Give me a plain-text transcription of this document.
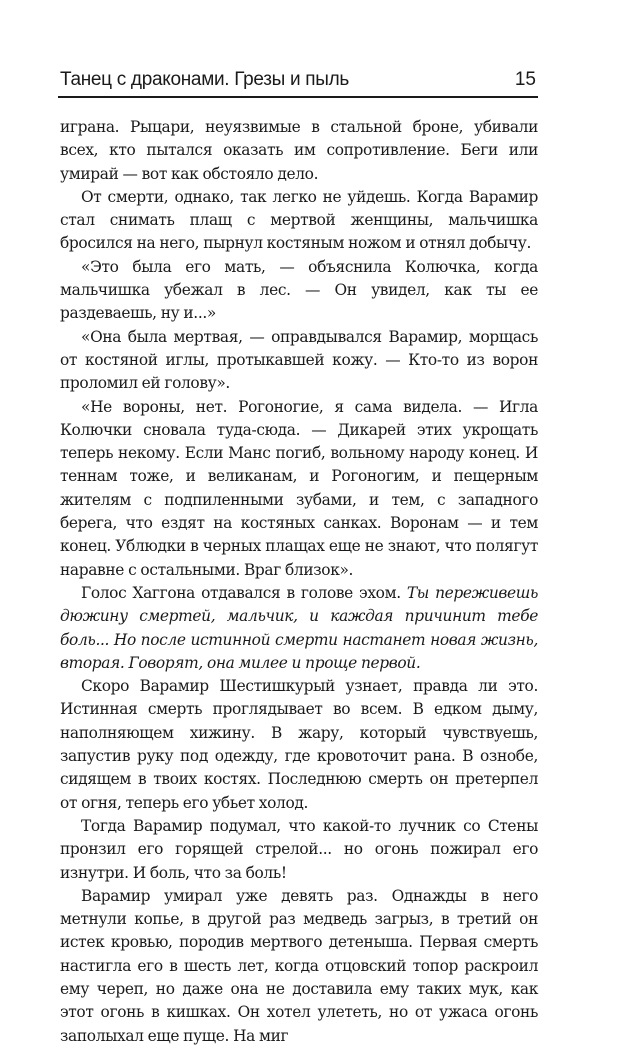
Танец с драконами. Грезы и пыль	15

играна. Рыцари, неуязвимые в стальной броне, убивали всех, кто пытался оказать им сопротивление. Беги или умирай — вот как обстояло дело.

От смерти, однако, так легко не уйдешь. Когда Варамир стал снимать плащ с мертвой женщины, мальчишка бросился на него, пырнул костяным ножом и отнял добычу.

«Это была его мать, — объяснила Колючка, когда мальчишка убежал в лес. — Он увидел, как ты ее раздеваешь, ну и...»

«Она была мертвая, — оправдывался Варамир, морщась от костяной иглы, протыкавшей кожу. — Кто-то из ворон проломил ей голову».

«Не вороны, нет. Рогоногие, я сама видела. — Игла Колючки сновала туда-сюда. — Дикарей этих укрощать теперь некому. Если Манс погиб, вольному народу конец. И теннам тоже, и великанам, и Рогоногим, и пещерным жителям с подпиленными зубами, и тем, с западного берега, что ездят на костяных санках. Воронам — и тем конец. Ублюдки в черных плащах еще не знают, что полягут наравне с остальными. Враг близок».

Голос Хаггона отдавался в голове эхом. Ты переживешь дюжину смертей, мальчик, и каждая причинит тебе боль... Но после истинной смерти настанет новая жизнь, вторая. Говорят, она милее и проще первой.

Скоро Варамир Шестишкурый узнает, правда ли это. Истинная смерть проглядывает во всем. В едком дыму, наполняющем хижину. В жару, который чувствуешь, запустив руку под одежду, где кровоточит рана. В ознобе, сидящем в твоих костях. Последнюю смерть он претерпел от огня, теперь его убьет холод.

Тогда Варамир подумал, что какой-то лучник со Стены пронзил его горящей стрелой... но огонь пожирал его изнутри. И боль, что за боль!

Варамир умирал уже девять раз. Однажды в него метнули копье, в другой раз медведь загрыз, в третий он истек кровью, породив мертвого детеныша. Первая смерть настигла его в шесть лет, когда отцовский топор раскроил ему череп, но даже она не доставила ему таких мук, как этот огонь в кишках. Он хотел улететь, но от ужаса огонь заполыхал еще пуще. На миг
